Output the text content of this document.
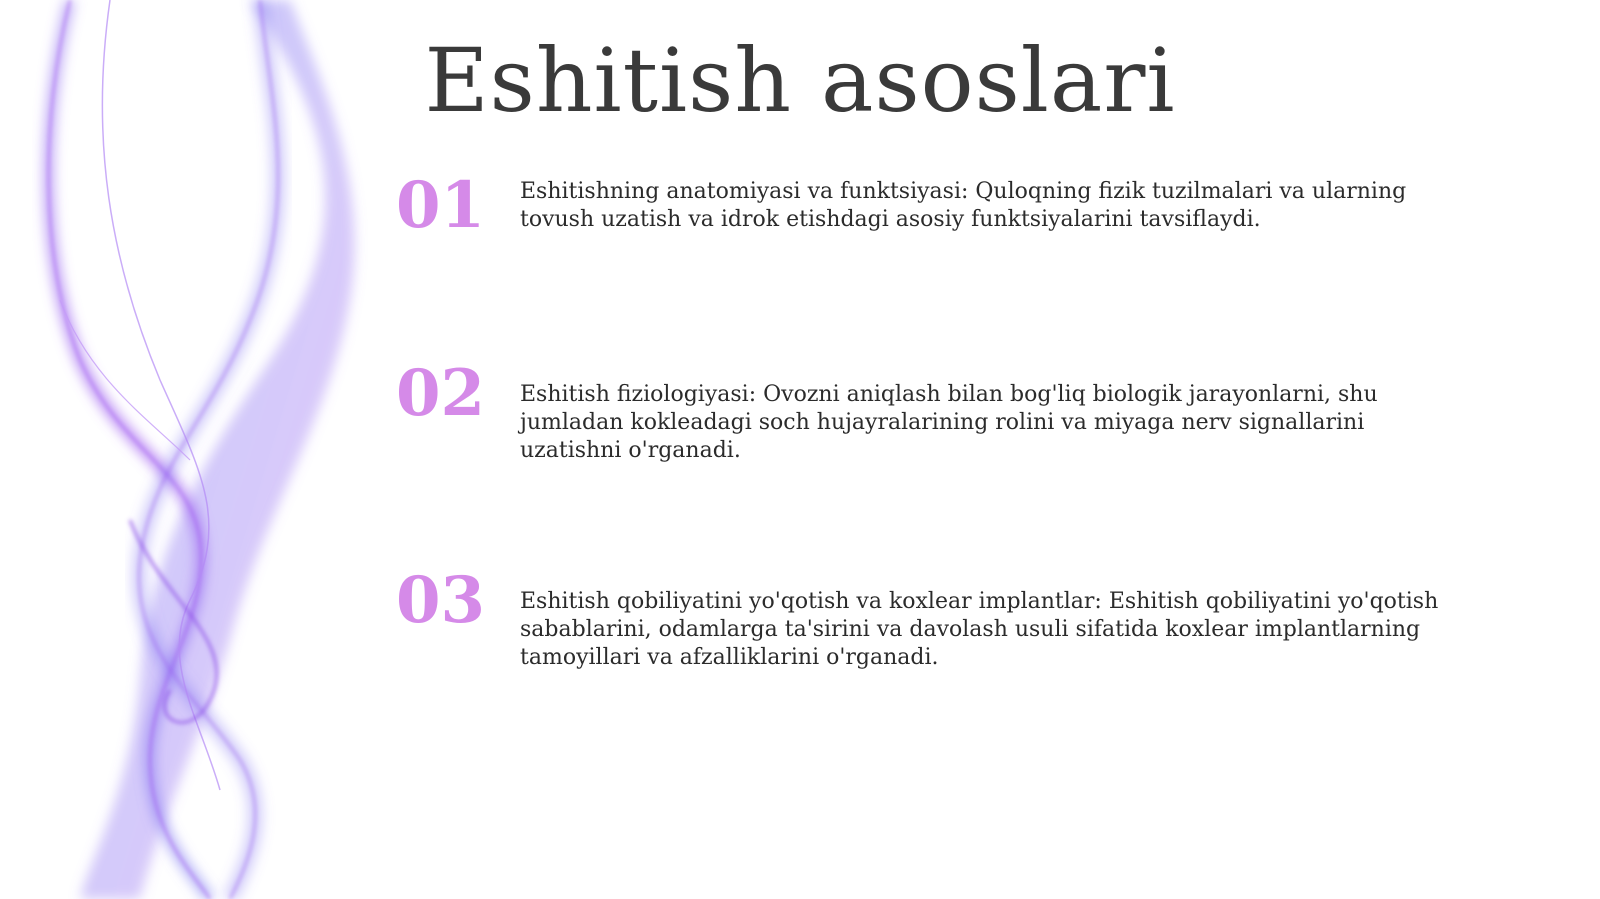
Eshitish asoslari
01	Eshitishning anatomiyasi va funktsiyasi: Quloqning fizik tuzilmalari va ularning tovush uzatish va idrok etishdagi asosiy funktsiyalarini tavsiflaydi.
02	Eshitish fiziologiyasi: Ovozni aniqlash bilan bog'liq biologik jarayonlarni, shu jumladan kokleadagi soch hujayralarining rolini va miyaga nerv signallarini uzatishni o'rganadi.
03	Eshitish qobiliyatini yo'qotish va koxlear implantlar: Eshitish qobiliyatini yo'qotish sabablarini, odamlarga ta'sirini va davolash usuli sifatida koxlear implantlarning tamoyillari va afzalliklarini o'rganadi.
